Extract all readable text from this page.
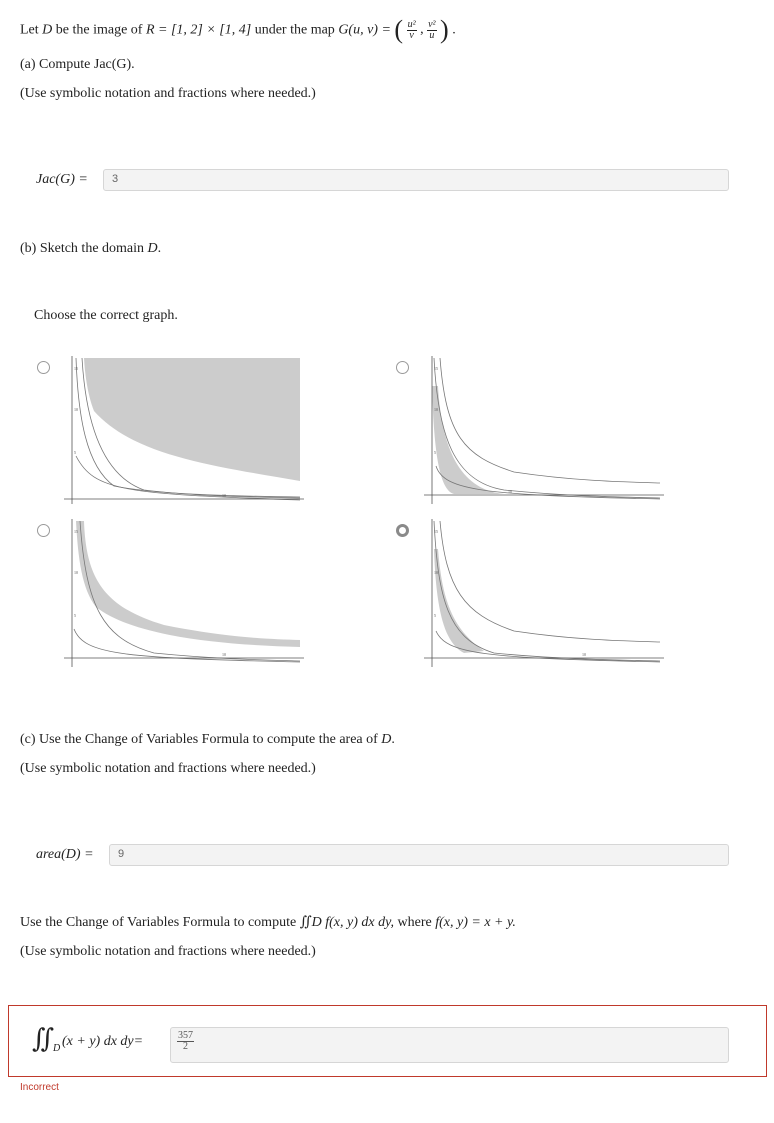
Let D be the image of R = [1, 2] × [1, 4] under the map G(u, v) = ( $\frac{\text{u²}}{v}$ , $\frac{\text{v²}}{u}$ ) .
(a) Compute Jac(G).
(Use symbolic notation and fractions where needed.)
Jac(G) =	3
(b) Sketch the domain D.
Choose the correct graph.
15
10
5
10
15
10
5
10
15
10
5
10
15
10
5
10
(c) Use the Change of Variables Formula to compute the area of D.
(Use symbolic notation and fractions where needed.)
area(D) =	9
Use the Change of Variables Formula to compute ∬D f(x, y) dx dy, where f(x, y) = x + y.
(Use symbolic notation and fractions where needed.)
∬
D (x + y) dx dy=	$\frac{357}{2}$
Incorrect
